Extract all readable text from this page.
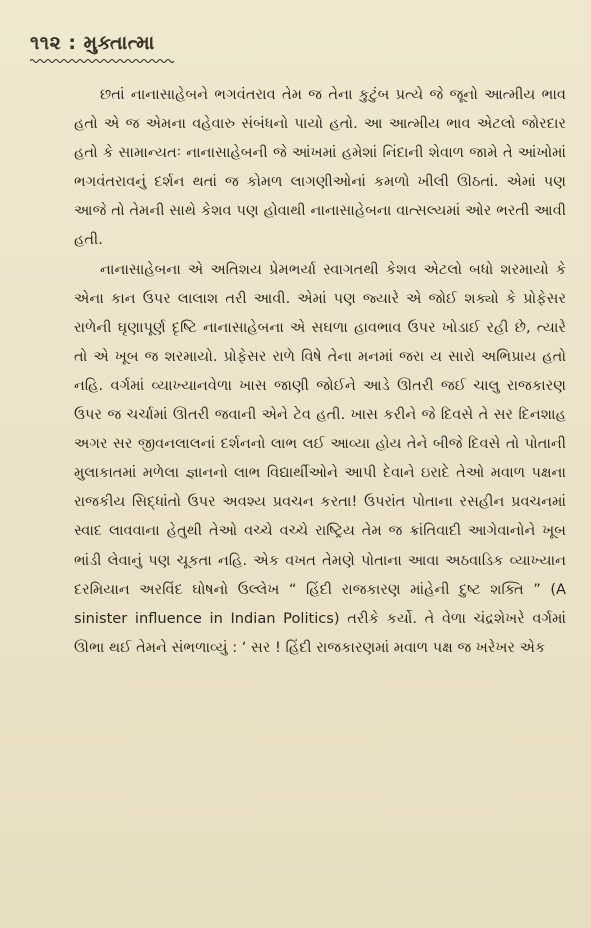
૧૧૨ : મુક્તાત્મા

છતાં નાનાસાહેબને ભગવંતરાવ તેમ જ તેના કુટુંબ પ્રત્યે જે જૂનો આત્મીય ભાવ હતો એ જ એમના વહેવારુ સંબંધનો પાયો હતો. આ આત્મીય ભાવ એટલો જોરદાર હતો કે સામાન્યતઃ નાનાસાહેબની જે આંખમાં હમેશાં નિંદાની શેવાળ જામે તે આંખોમાં ભગવંતરાવનું દર્શન થતાં જ કોમળ લાગણીઓનાં કમળો ખીલી ઊઠતાં. એમાં પણ આજે તો તેમની સાથે કેશવ પણ હોવાથી નાનાસાહેબના વાત્સલ્યમાં ઓર ભરતી આવી હતી.

નાનાસાહેબના એ અતિશય પ્રેમભર્યા સ્વાગતથી કેશવ એટલો બધો શરમાયો કે એના કાન ઉપર લાલાશ તરી આવી. એમાં પણ જ્યારે એ જોઈ શક્યો કે પ્રોફેસર રાળેની ઘૃણાપૂર્ણ દૃષ્ટિ નાનાસાહેબના એ સઘળા હાવભાવ ઉપર ખોડાઈ રહી છે, ત્યારે તો એ ખૂબ જ શરમાયો. પ્રોફેસર રાળે વિષે તેના મનમાં જરા ય સારો અભિપ્રાય હતો નહિ. વર્ગમાં વ્યાખ્યાનવેળા ખાસ જાણી જોઈને આડે ઊતરી જઈ ચાલુ રાજકારણ ઉપર જ ચર્ચામાં ઊતરી જવાની એને ટેવ હતી. ખાસ કરીને જે દિવસે તે સર દિનશાહ અગર સર જીવનલાલનાં દર્શનનો લાભ લઈ આવ્યા હોય તેને બીજે દિવસે તો પોતાની મુલાકાતમાં મળેલા જ્ઞાનનો લાભ વિદ્યાર્થીઓને આપી દેવાને ઇરાદે તેઓ મવાળ પક્ષના રાજકીય સિદ્ધાંતો ઉપર અવશ્ય પ્રવચન કરતા! ઉપરાંત પોતાના રસહીન પ્રવચનમાં સ્વાદ લાવવાના હેતુથી તેઓ વચ્ચે વચ્ચે રાષ્ટ્રિય તેમ જ ક્રાંતિવાદી આગેવાનોને ખૂબ ભાંડી લેવાનું પણ ચૂકતા નહિ. એક વખત તેમણે પોતાના આવા અઠવાડિક વ્યાખ્યાન દરમિયાન અરવિંદ ઘોષનો ઉલ્લેખ “ હિંદી રાજકારણ માંહેની દુષ્ટ શક્તિ ” (A sinister influence in Indian Politics) તરીકે કર્યો. તે વેળા ચંદ્રશેખરે વર્ગમાં ઊભા થઈ તેમને સંભળાવ્યું : ‘ સર ! હિંદી રાજકારણમાં મવાળ પક્ષ જ ખરેખર એક
